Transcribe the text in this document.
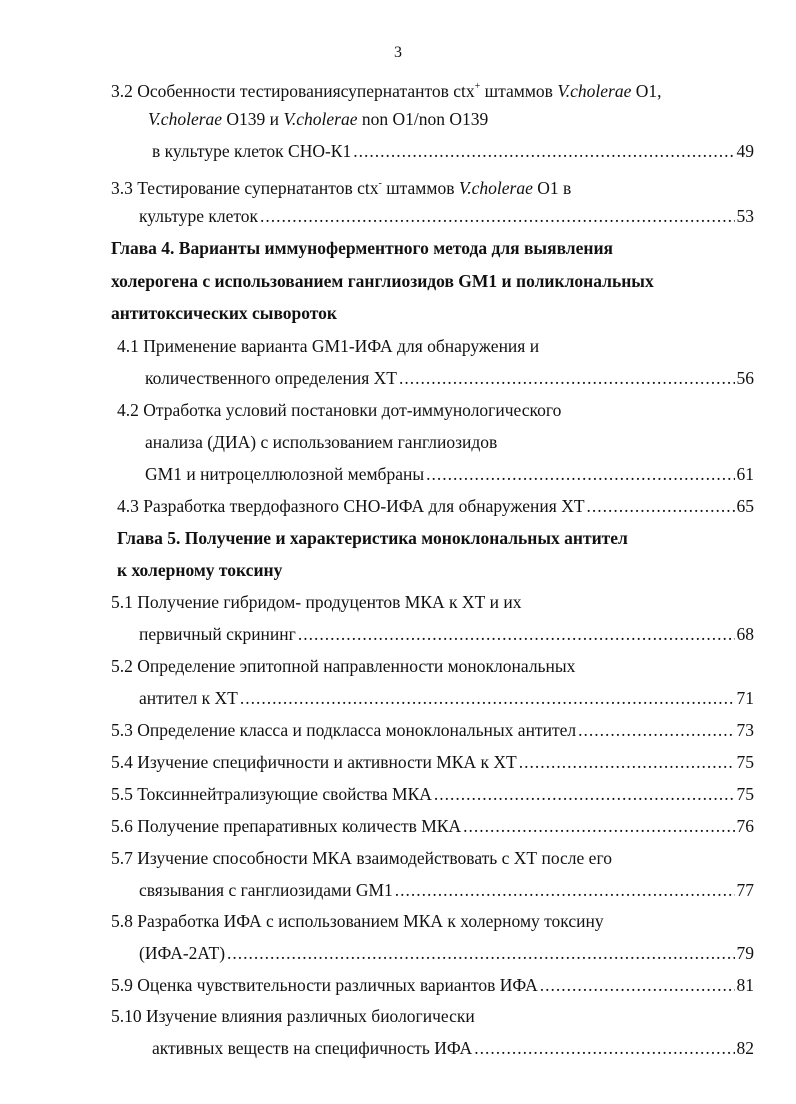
3
3.2 Особенности тестированиясупернатантов ctx+ штаммов V.cholerae O1,
V.cholerae O139 и V.cholerae non O1/non O139
в культуре клеток СНО-К1 .....	49
3.3 Тестирование супернатантов ctx- штаммов V.cholerae O1 в
культуре клеток .....	53
Глава 4. Варианты иммуноферментного метода для выявления
холерогена с использованием ганглиозидов GM1 и поликлональных
антитоксических сывороток
4.1 Применение варианта GM1-ИФА для обнаружения и
количественного определения ХТ .....	56
4.2 Отработка условий постановки дот-иммунологического
анализа (ДИА) с использованием ганглиозидов
GM1 и нитроцеллюлозной мембраны .....	61
4.3 Разработка твердофазного СНО-ИФА для обнаружения ХТ .....	65
Глава 5. Получение и характеристика моноклональных антител
к холерному токсину
5.1 Получение гибридом- продуцентов МКА к ХТ и их
первичный скрининг .....	68
5.2 Определение эпитопной направленности моноклональных
антител к ХТ .....	71
5.3 Определение класса и подкласса моноклональных антител .....	73
5.4 Изучение специфичности и активности МКА к ХТ .....	75
5.5 Токсиннейтрализующие свойства МКА .....	75
5.6 Получение препаративных количеств МКА .....	76
5.7 Изучение способности МКА взаимодействовать с ХТ после его
связывания с ганглиозидами GM1 .....	77
5.8 Разработка ИФА с использованием МКА к холерному токсину
(ИФА-2АТ) .....	79
5.9 Оценка чувствительности различных вариантов ИФА .....	81
5.10 Изучение влияния различных биологически
активных веществ на специфичность ИФА .....	82
